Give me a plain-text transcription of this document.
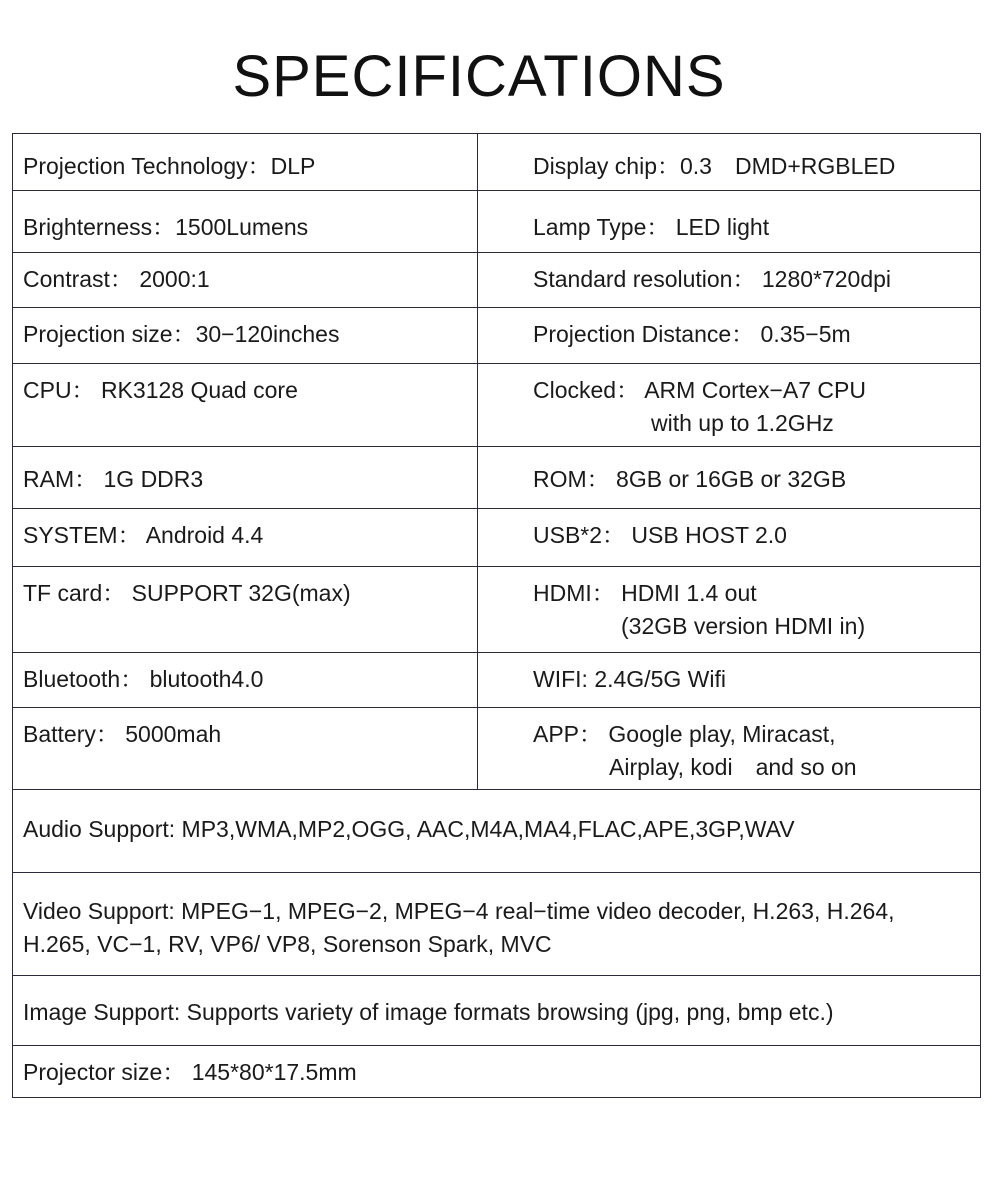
SPECIFICATIONS
Projection Technology：DLP	Display chip：0.3　DMD+RGBLED
Brighterness：1500Lumens	Lamp Type： LED light
Contrast： 2000:1	Standard resolution： 1280*720dpi
Projection size：30−120inches	Projection Distance： 0.35−5m
CPU： RK3128 Quad core	Clocked： ARM Cortex−A7 CPU
with up to 1.2GHz

RAM： 1G DDR3	ROM： 8GB or 16GB or 32GB
SYSTEM： Android 4.4	USB*2： USB HOST 2.0
TF card： SUPPORT 32G(max)	HDMI： HDMI 1.4 out
(32GB version HDMI in)

Bluetooth： blutooth4.0	WIFI: 2.4G/5G Wifi
Battery： 5000mah	APP： Google play, Miracast,
Airplay, kodi　and so on

Audio Support: MP3,WMA,MP2,OGG, AAC,M4A,MA4,FLAC,APE,3GP,WAV	

Video Support: MPEG−1, MPEG−2, MPEG−4 real−time video decoder, H.263, H.264,
H.265, VC−1, RV, VP6/ VP8, Sorenson Spark, MVC	

Image Support: Supports variety of image formats browsing (jpg, png, bmp etc.)	
Projector size： 145*80*17.5mm	
